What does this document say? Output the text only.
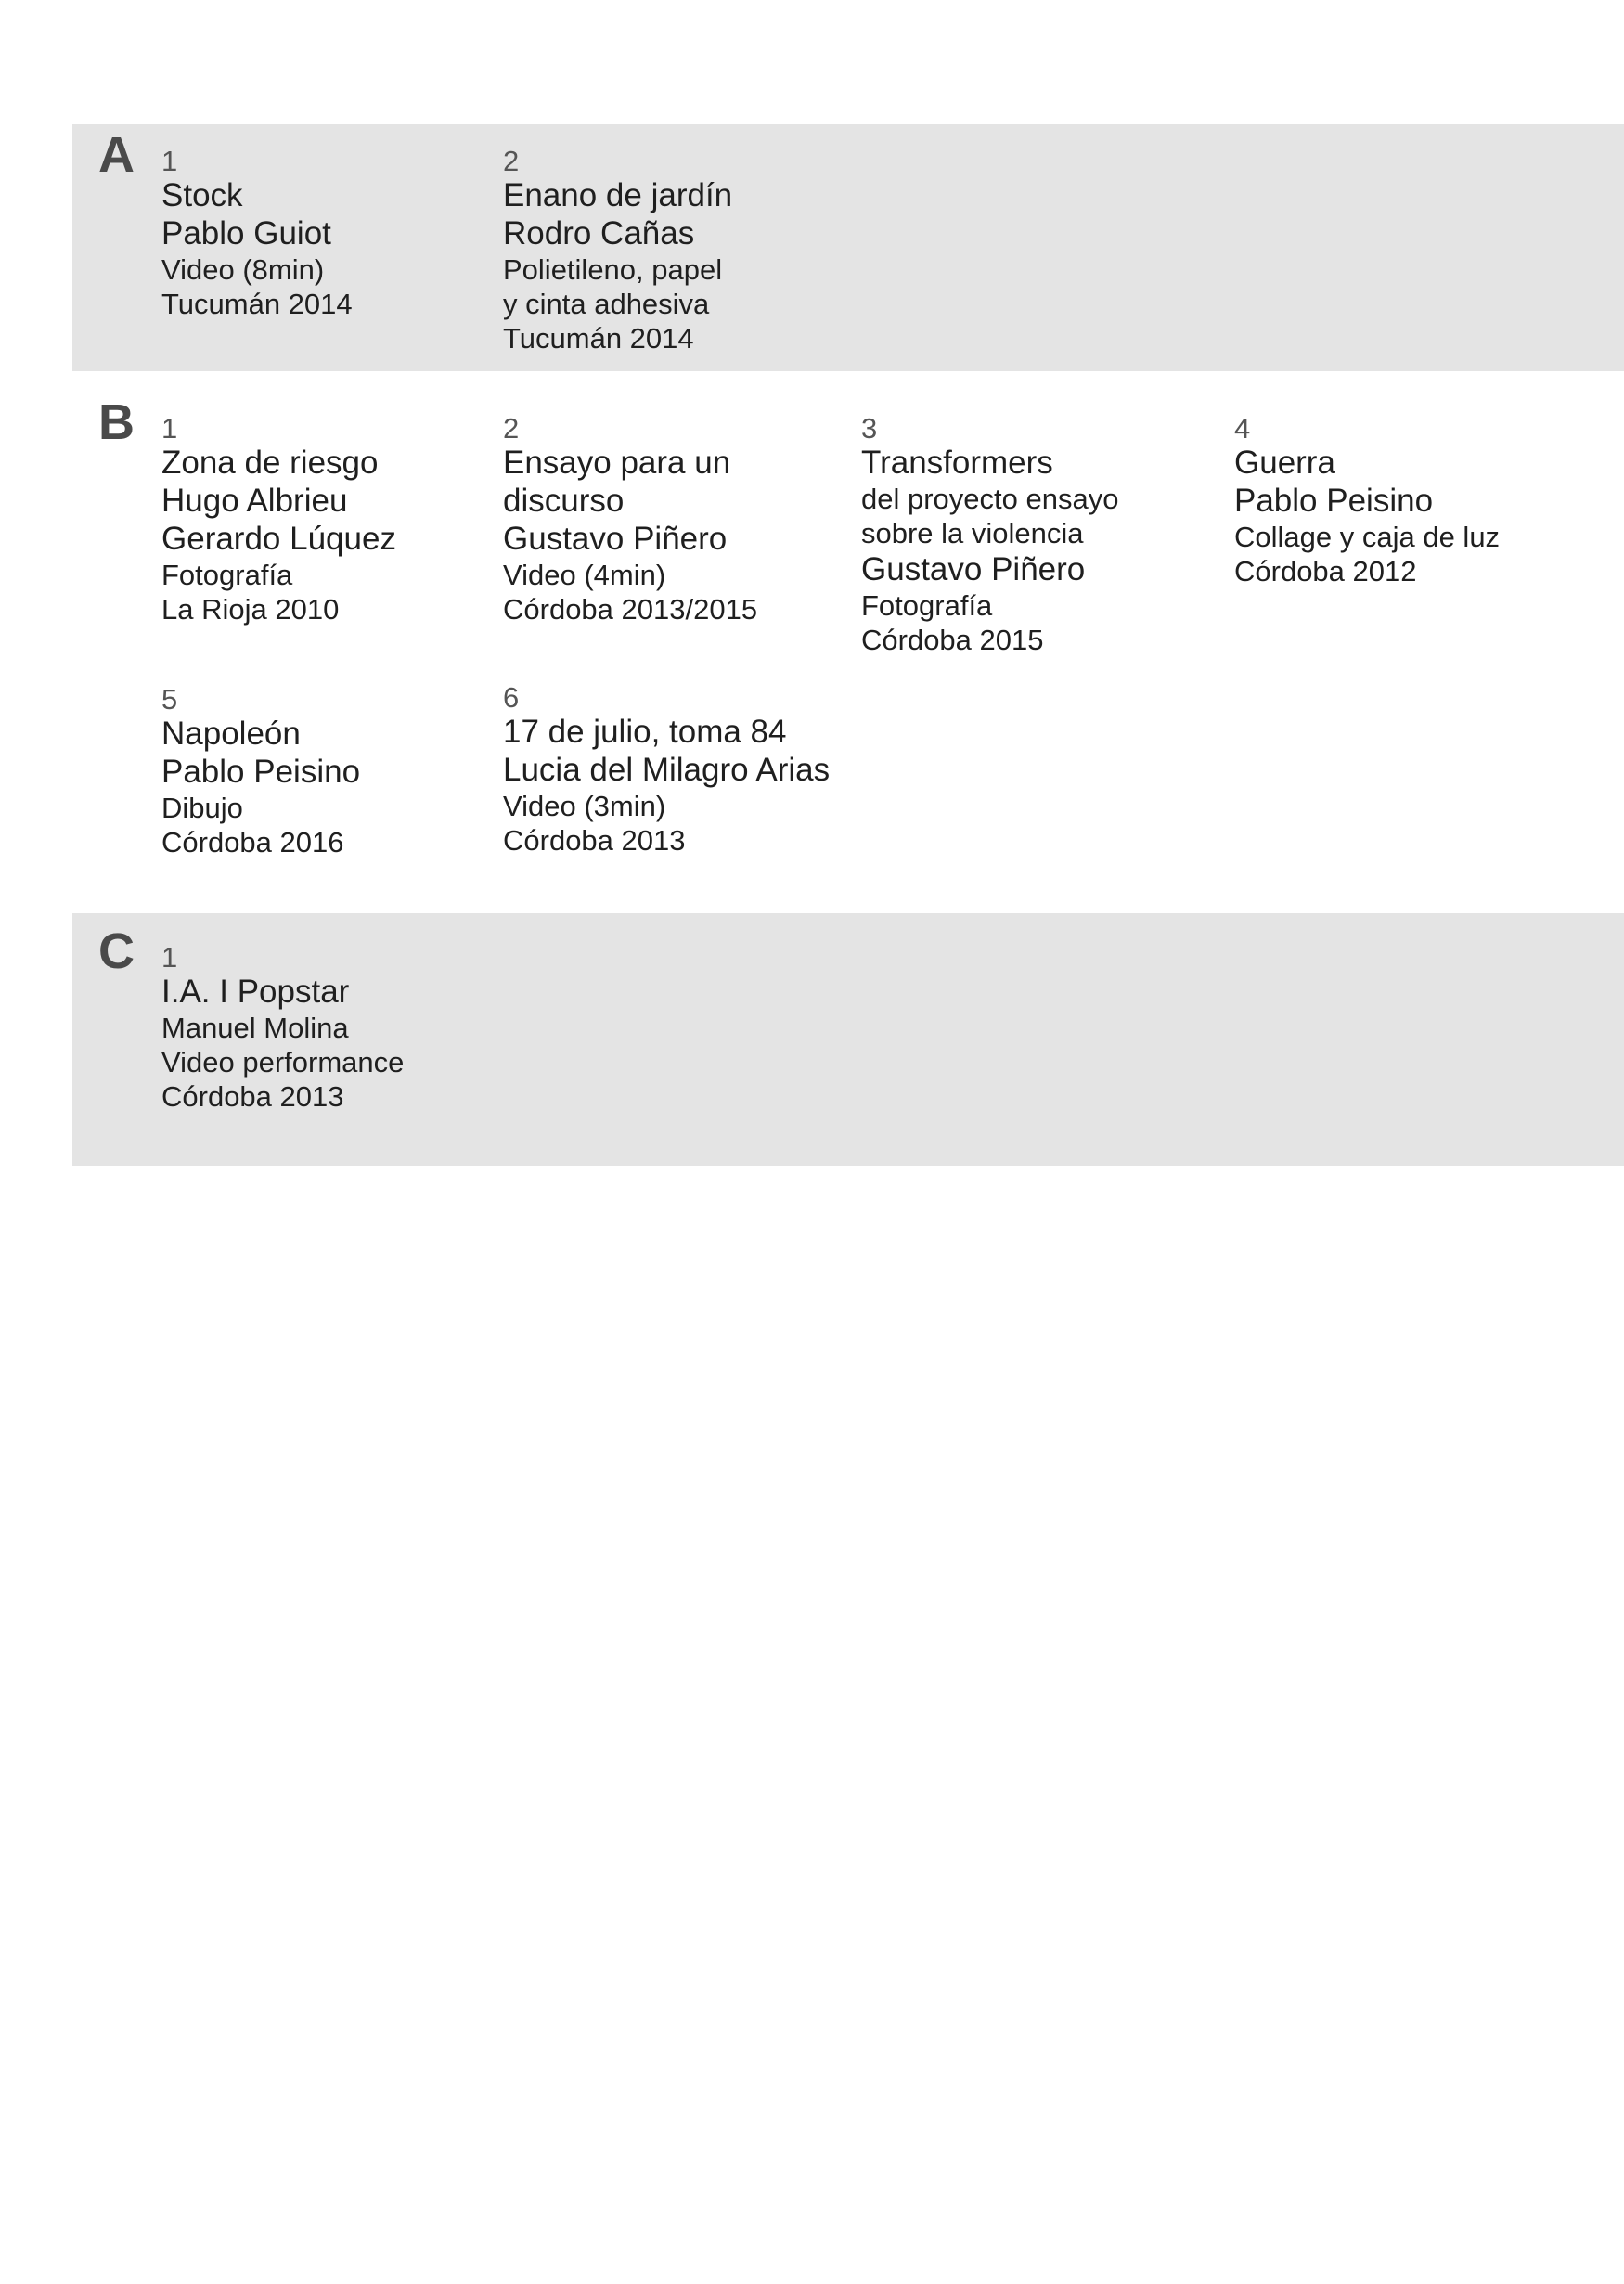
A 1
Stock
Pablo Guiot
Video (8min)
Tucumán 2014
2
Enano de jardín
Rodro Cañas
Polietileno, papel
y cinta adhesiva
Tucumán 2014
B 1
Zona de riesgo
Hugo Albrieu
Gerardo Lúquez
Fotografía
La Rioja 2010
2
Ensayo para un
discurso
Gustavo Piñero
Video (4min)
Córdoba 2013/2015
3
Transformers
del proyecto ensayo
sobre la violencia
Gustavo Piñero
Fotografía
Córdoba 2015
4
Guerra
Pablo Peisino
Collage y caja de luz
Córdoba 2012
5
Napoleón
Pablo Peisino
Dibujo
Córdoba 2016
6
17 de julio, toma 84
Lucia del Milagro Arias
Video (3min)
Córdoba 2013
C 1
I.A. I Popstar
Manuel Molina
Video performance
Córdoba 2013
